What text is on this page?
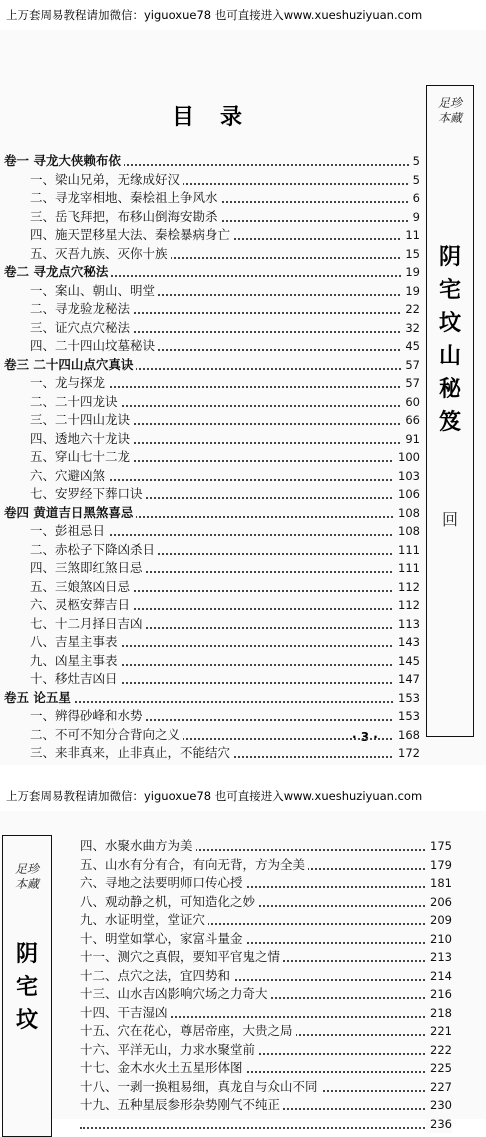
上万套周易教程请加微信：yiguoxue78 也可直接进入www.xueshuziyuan.com
目录
卷一 寻龙大侠赖布依	5
一、梁山兄弟，无缘成好汉	5
二、寻龙宰相地、秦桧祖上争风水	6
三、岳飞拜把，布移山倒海安勘杀	9
四、施天罡移星大法、秦桧暴病身亡	11
五、灭吾九族、灭你十族	15
卷二 寻龙点穴秘法	19
一、案山、朝山、明堂	19
二、寻龙验龙秘法	22
三、证穴点穴秘法	32
四、二十四山坟墓秘诀	45
卷三 二十四山点穴真诀	57
一、龙与探龙	57
二、二十四龙诀	60
三、二十四山龙诀	66
四、透地六十龙诀	91
五、穿山七十二龙	100
六、穴避凶煞	103
七、安罗经下葬口诀	106
卷四 黄道吉日黑煞喜忌	108
一、彭祖忌日	108
二、赤松子下降凶杀日	111
四、三煞即红煞日忌	111
五、三娘煞凶日忌	112
六、灵柩安葬吉日	112
七、十二月择日吉凶	113
八、吉星主事表	143
九、凶星主事表	145
十、移灶吉凶日	147
卷五 论五星	153
一、辨得砂峰和水势	153
二、不可不知分合背向之义	168
三、来非真来，止非真止，不能结穴	172
足珍
本藏
阴
宅
坟
山
秘
笈
回
· 3 ·
上万套周易教程请加微信：yiguoxue78 也可直接进入www.xueshuziyuan.com
足珍
本藏
阴
宅
坟
四、水聚水曲方为美	175
五、山水有分有合，有向无背，方为全美	179
六、寻地之法要明师口传心授	181
八、观动静之机，可知造化之妙	206
九、水证明堂，堂证穴	209
十、明堂如掌心，家富斗量金	210
十一、测穴之真假，要知平官鬼之情	213
十二、点穴之法，宜四势和	214
十三、山水吉凶影响穴场之力奇大	216
十四、干吉湿凶	218
十五、穴在花心，尊居帝座，大贵之局	221
十六、平洋无山，力求水聚堂前	222
十七、金木水火土五星形体图	225
十八、一剥一换粗易细，真龙自与众山不同	227
十九、五种星辰参形杂势刚气不纯正	230
236
